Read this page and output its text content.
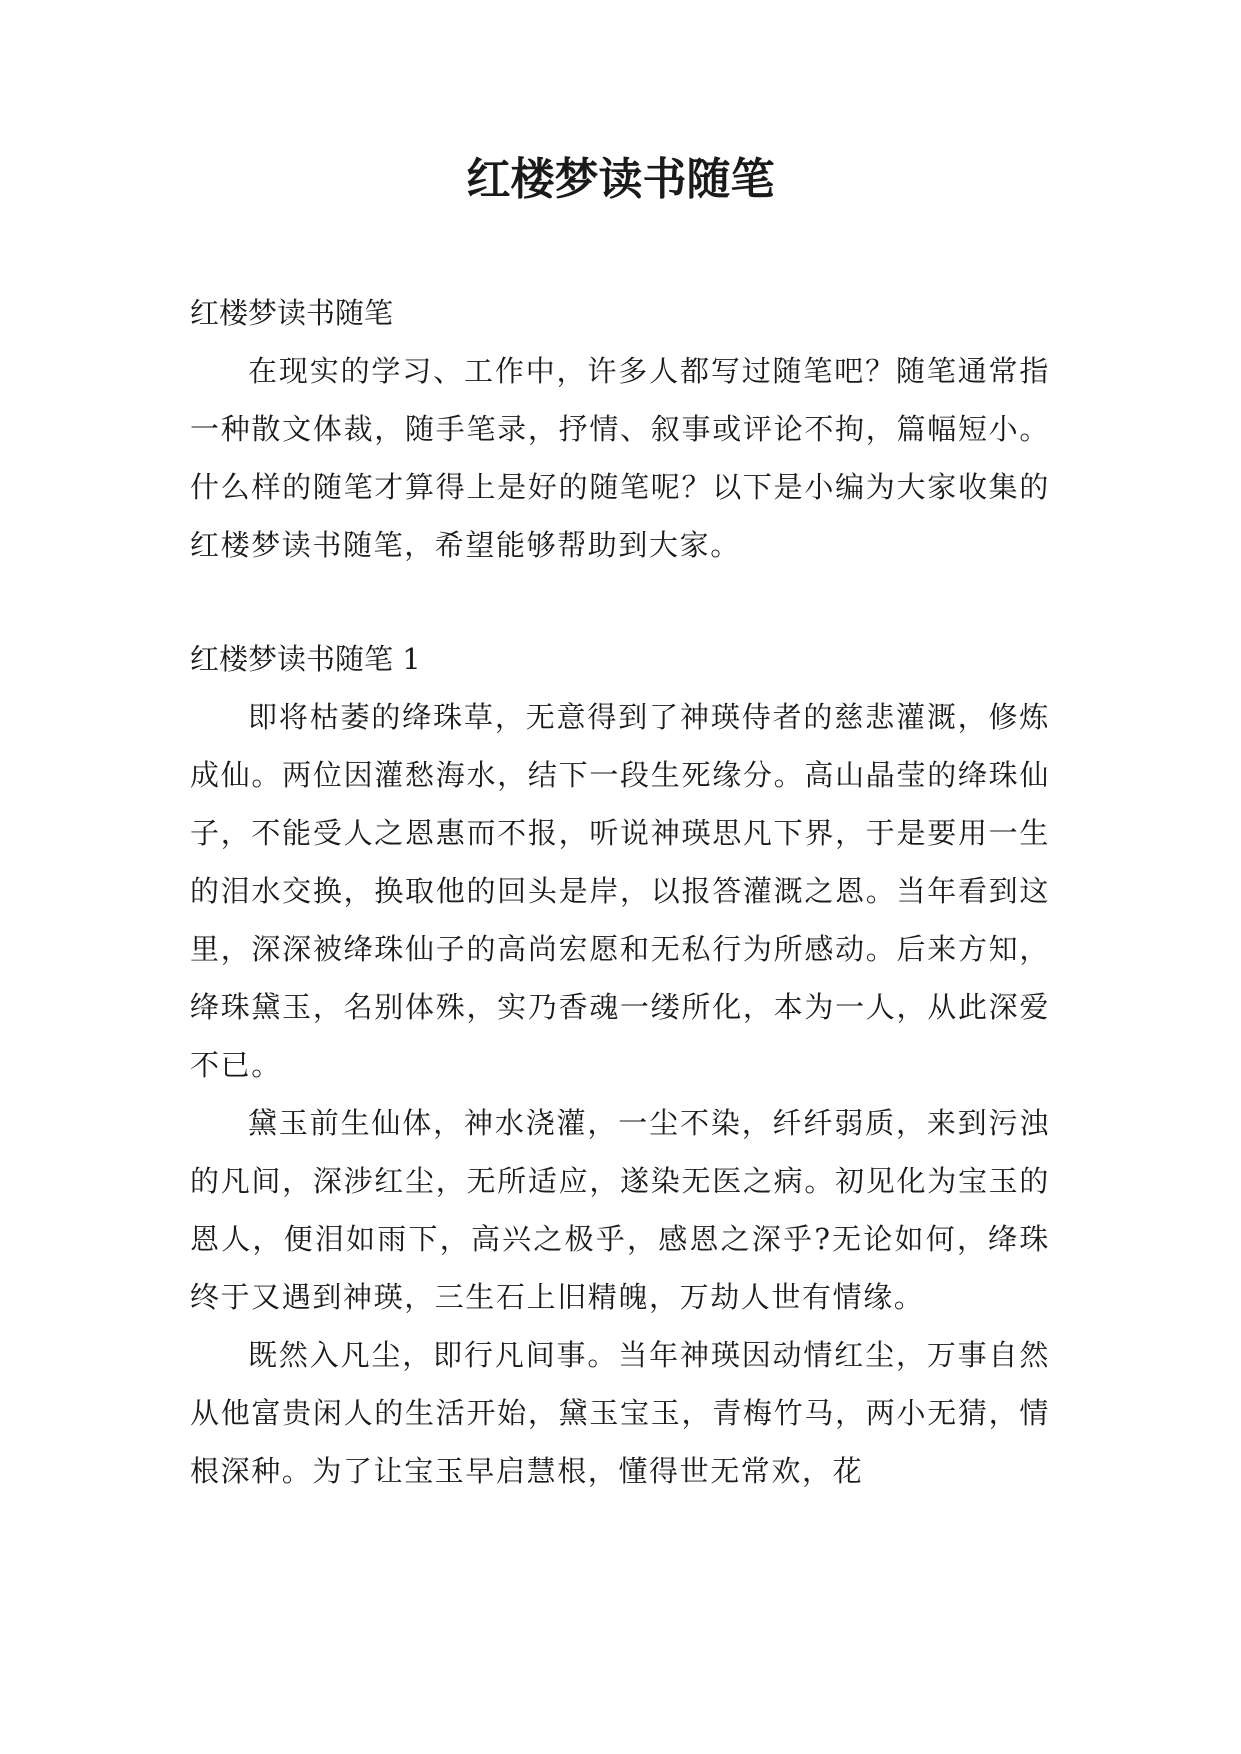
红楼梦读书随笔

红楼梦读书随笔

在现实的学习、工作中，许多人都写过随笔吧？随笔通常指一种散文体裁，随手笔录，抒情、叙事或评论不拘，篇幅短小。什么样的随笔才算得上是好的随笔呢？以下是小编为大家收集的红楼梦读书随笔，希望能够帮助到大家。

红楼梦读书随笔 1

即将枯萎的绛珠草，无意得到了神瑛侍者的慈悲灌溉，修炼成仙。两位因灌愁海水，结下一段生死缘分。高山晶莹的绛珠仙子，不能受人之恩惠而不报，听说神瑛思凡下界，于是要用一生的泪水交换，换取他的回头是岸，以报答灌溉之恩。当年看到这里，深深被绛珠仙子的高尚宏愿和无私行为所感动。后来方知，绛珠黛玉，名别体殊，实乃香魂一缕所化，本为一人，从此深爱不已。

黛玉前生仙体，神水浇灌，一尘不染，纤纤弱质，来到污浊的凡间，深涉红尘，无所适应，遂染无医之病。初见化为宝玉的恩人，便泪如雨下，高兴之极乎，感恩之深乎?无论如何，绛珠终于又遇到神瑛，三生石上旧精魄，万劫人世有情缘。

既然入凡尘，即行凡间事。当年神瑛因动情红尘，万事自然从他富贵闲人的生活开始，黛玉宝玉，青梅竹马，两小无猜，情根深种。为了让宝玉早启慧根，懂得世无常欢，花
